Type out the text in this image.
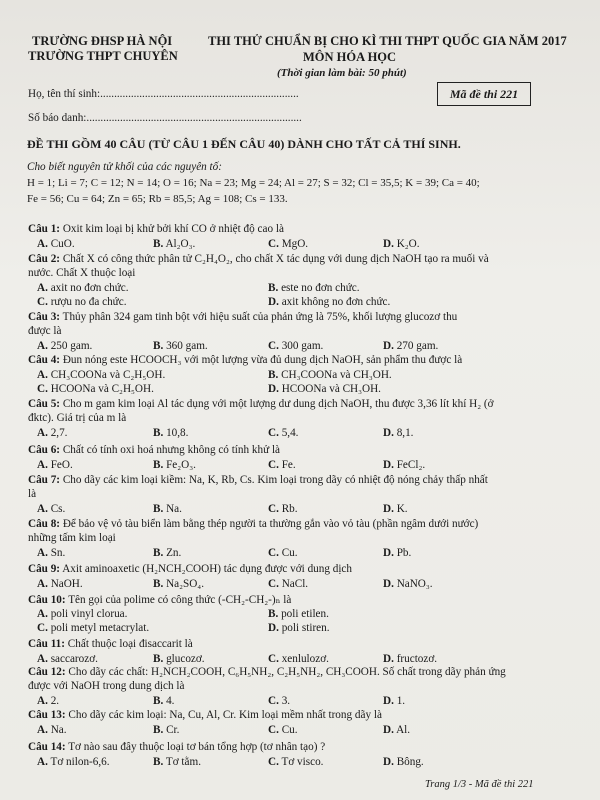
TRƯỜNG ĐHSP HÀ NỘI
TRƯỜNG THPT CHUYÊN
THI THỬ CHUẨN BỊ CHO KÌ THI THPT QUỐC GIA NĂM 2017
MÔN HÓA HỌC
(Thời gian làm bài: 50 phút)
Họ, tên thí sinh:.......................................................................
Số báo danh:.............................................................................
Mã đề thi 221
ĐỀ THI GỒM 40 CÂU (TỪ CÂU 1 ĐẾN CÂU 40) DÀNH CHO TẤT CẢ THÍ SINH.
Cho biết nguyên tử khối của các nguyên tố:
H = 1; Li = 7; C = 12; N = 14; O = 16; Na = 23; Mg = 24; Al = 27; S = 32; Cl = 35,5; K = 39; Ca = 40;
Fe = 56; Cu = 64; Zn = 65; Rb = 85,5; Ag = 108; Cs = 133.
Câu 1: Oxit kim loại bị khử bởi khí CO ở nhiệt độ cao là
A. CuO.	B. Al₂O₃.	C. MgO.	D. K₂O.
Câu 2: Chất X có công thức phân tử C₂H₄O₂, cho chất X tác dụng với dung dịch NaOH tạo ra muối và
nước. Chất X thuộc loại
A. axit no đơn chức.	B. este no đơn chức.
C. rượu no đa chức.	D. axit không no đơn chức.
Câu 3: Thủy phân 324 gam tinh bột với hiệu suất của phản ứng là 75%, khối lượng glucozơ thu
được là
A. 250 gam.	B. 360 gam.	C. 300 gam.	D. 270 gam.
Câu 4: Đun nóng este HCOOCH₃ với một lượng vừa đủ dung dịch NaOH, sản phẩm thu được là
A. CH₃COONa và C₂H₅OH.	B. CH₃COONa và CH₃OH.
C. HCOONa và C₂H₅OH.	D. HCOONa và CH₃OH.
Câu 5: Cho m gam kim loại Al tác dụng với một lượng dư dung dịch NaOH, thu được 3,36 lít khí H₂ (ở
đktc). Giá trị của m là
A. 2,7.	B. 10,8.	C. 5,4.	D. 8,1.
Câu 6: Chất có tính oxi hoá nhưng không có tính khử là
A. FeO.	B. Fe₂O₃.	C. Fe.	D. FeCl₂.
Câu 7: Cho dãy các kim loại kiềm: Na, K, Rb, Cs. Kim loại trong dãy có nhiệt độ nóng chảy thấp nhất
là
A. Cs.	B. Na.	C. Rb.	D. K.
Câu 8: Để bảo vệ vỏ tàu biển làm bằng thép người ta thường gắn vào vỏ tàu (phần ngâm dưới nước)
những tấm kim loại
A. Sn.	B. Zn.	C. Cu.	D. Pb.
Câu 9: Axit aminoaxetic (H₂NCH₂COOH) tác dụng được với dung dịch
A. NaOH.	B. Na₂SO₄.	C. NaCl.	D. NaNO₃.
Câu 10: Tên gọi của polime có công thức (-CH₂-CH₂-)ₙ là
A. poli vinyl clorua.	B. poli etilen.
C. poli metyl metacrylat.	D. poli stiren.
Câu 11: Chất thuộc loại đisaccarit là
A. saccarozơ.	B. glucozơ.	C. xenlulozơ.	D. fructozơ.
Câu 12: Cho dãy các chất: H₂NCH₂COOH, C₆H₅NH₂, C₂H₅NH₂, CH₃COOH. Số chất trong dãy phản ứng
được với NaOH trong dung dịch là
A. 2.	B. 4.	C. 3.	D. 1.
Câu 13: Cho dãy các kim loại: Na, Cu, Al, Cr. Kim loại mềm nhất trong dãy là
A. Na.	B. Cr.	C. Cu.	D. Al.
Câu 14: Tơ nào sau đây thuộc loại tơ bán tổng hợp (tơ nhân tạo) ?
A. Tơ nilon-6,6.	B. Tơ tằm.	C. Tơ visco.	D. Bông.
Trang 1/3 - Mã đề thi 221
